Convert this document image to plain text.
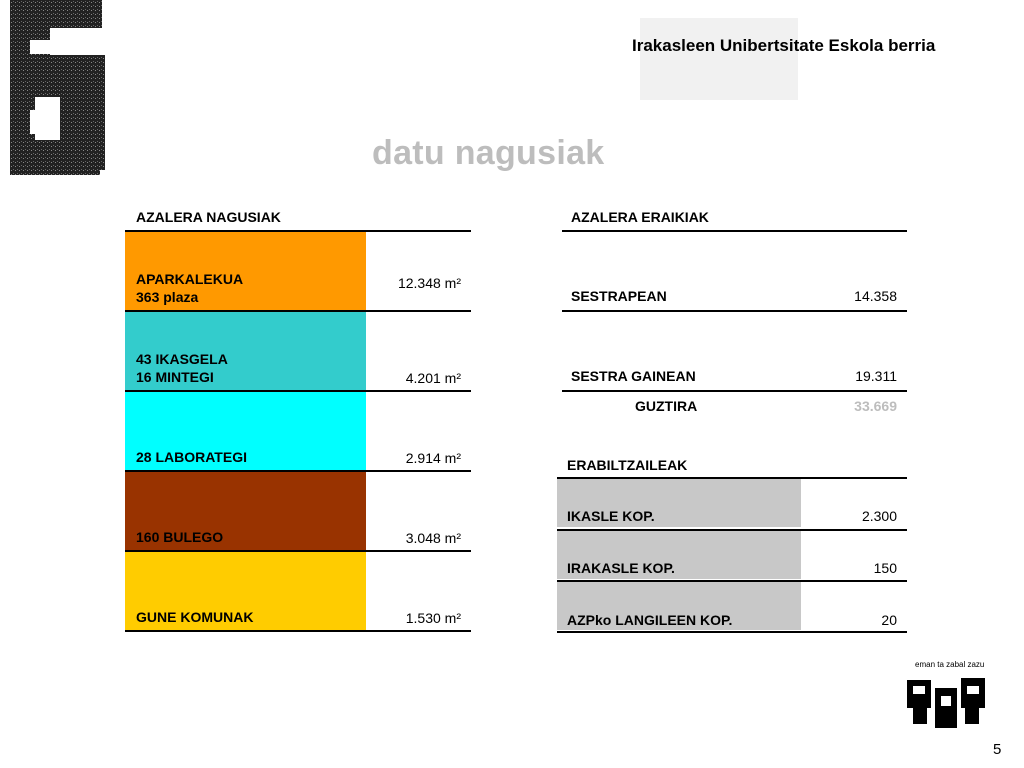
Irakasleen Unibertsitate Eskola berria
datu nagusiak
AZALERA NAGUSIAK
APARKALEKUA
363 plaza
12.348 m²
43 IKASGELA
16 MINTEGI	4.201 m²
28 LABORATEGI	2.914 m²
160 BULEGO	3.048 m²
GUNE KOMUNAK	1.530 m²
AZALERA ERAIKIAK
SESTRAPEAN	14.358
SESTRA GAINEAN	19.311
GUZTIRA	33.669
ERABILTZAILEAK
IKASLE KOP.	2.300
IRAKASLE KOP.	150
AZPko LANGILEEN KOP.	20
eman ta zabal zazu
5
